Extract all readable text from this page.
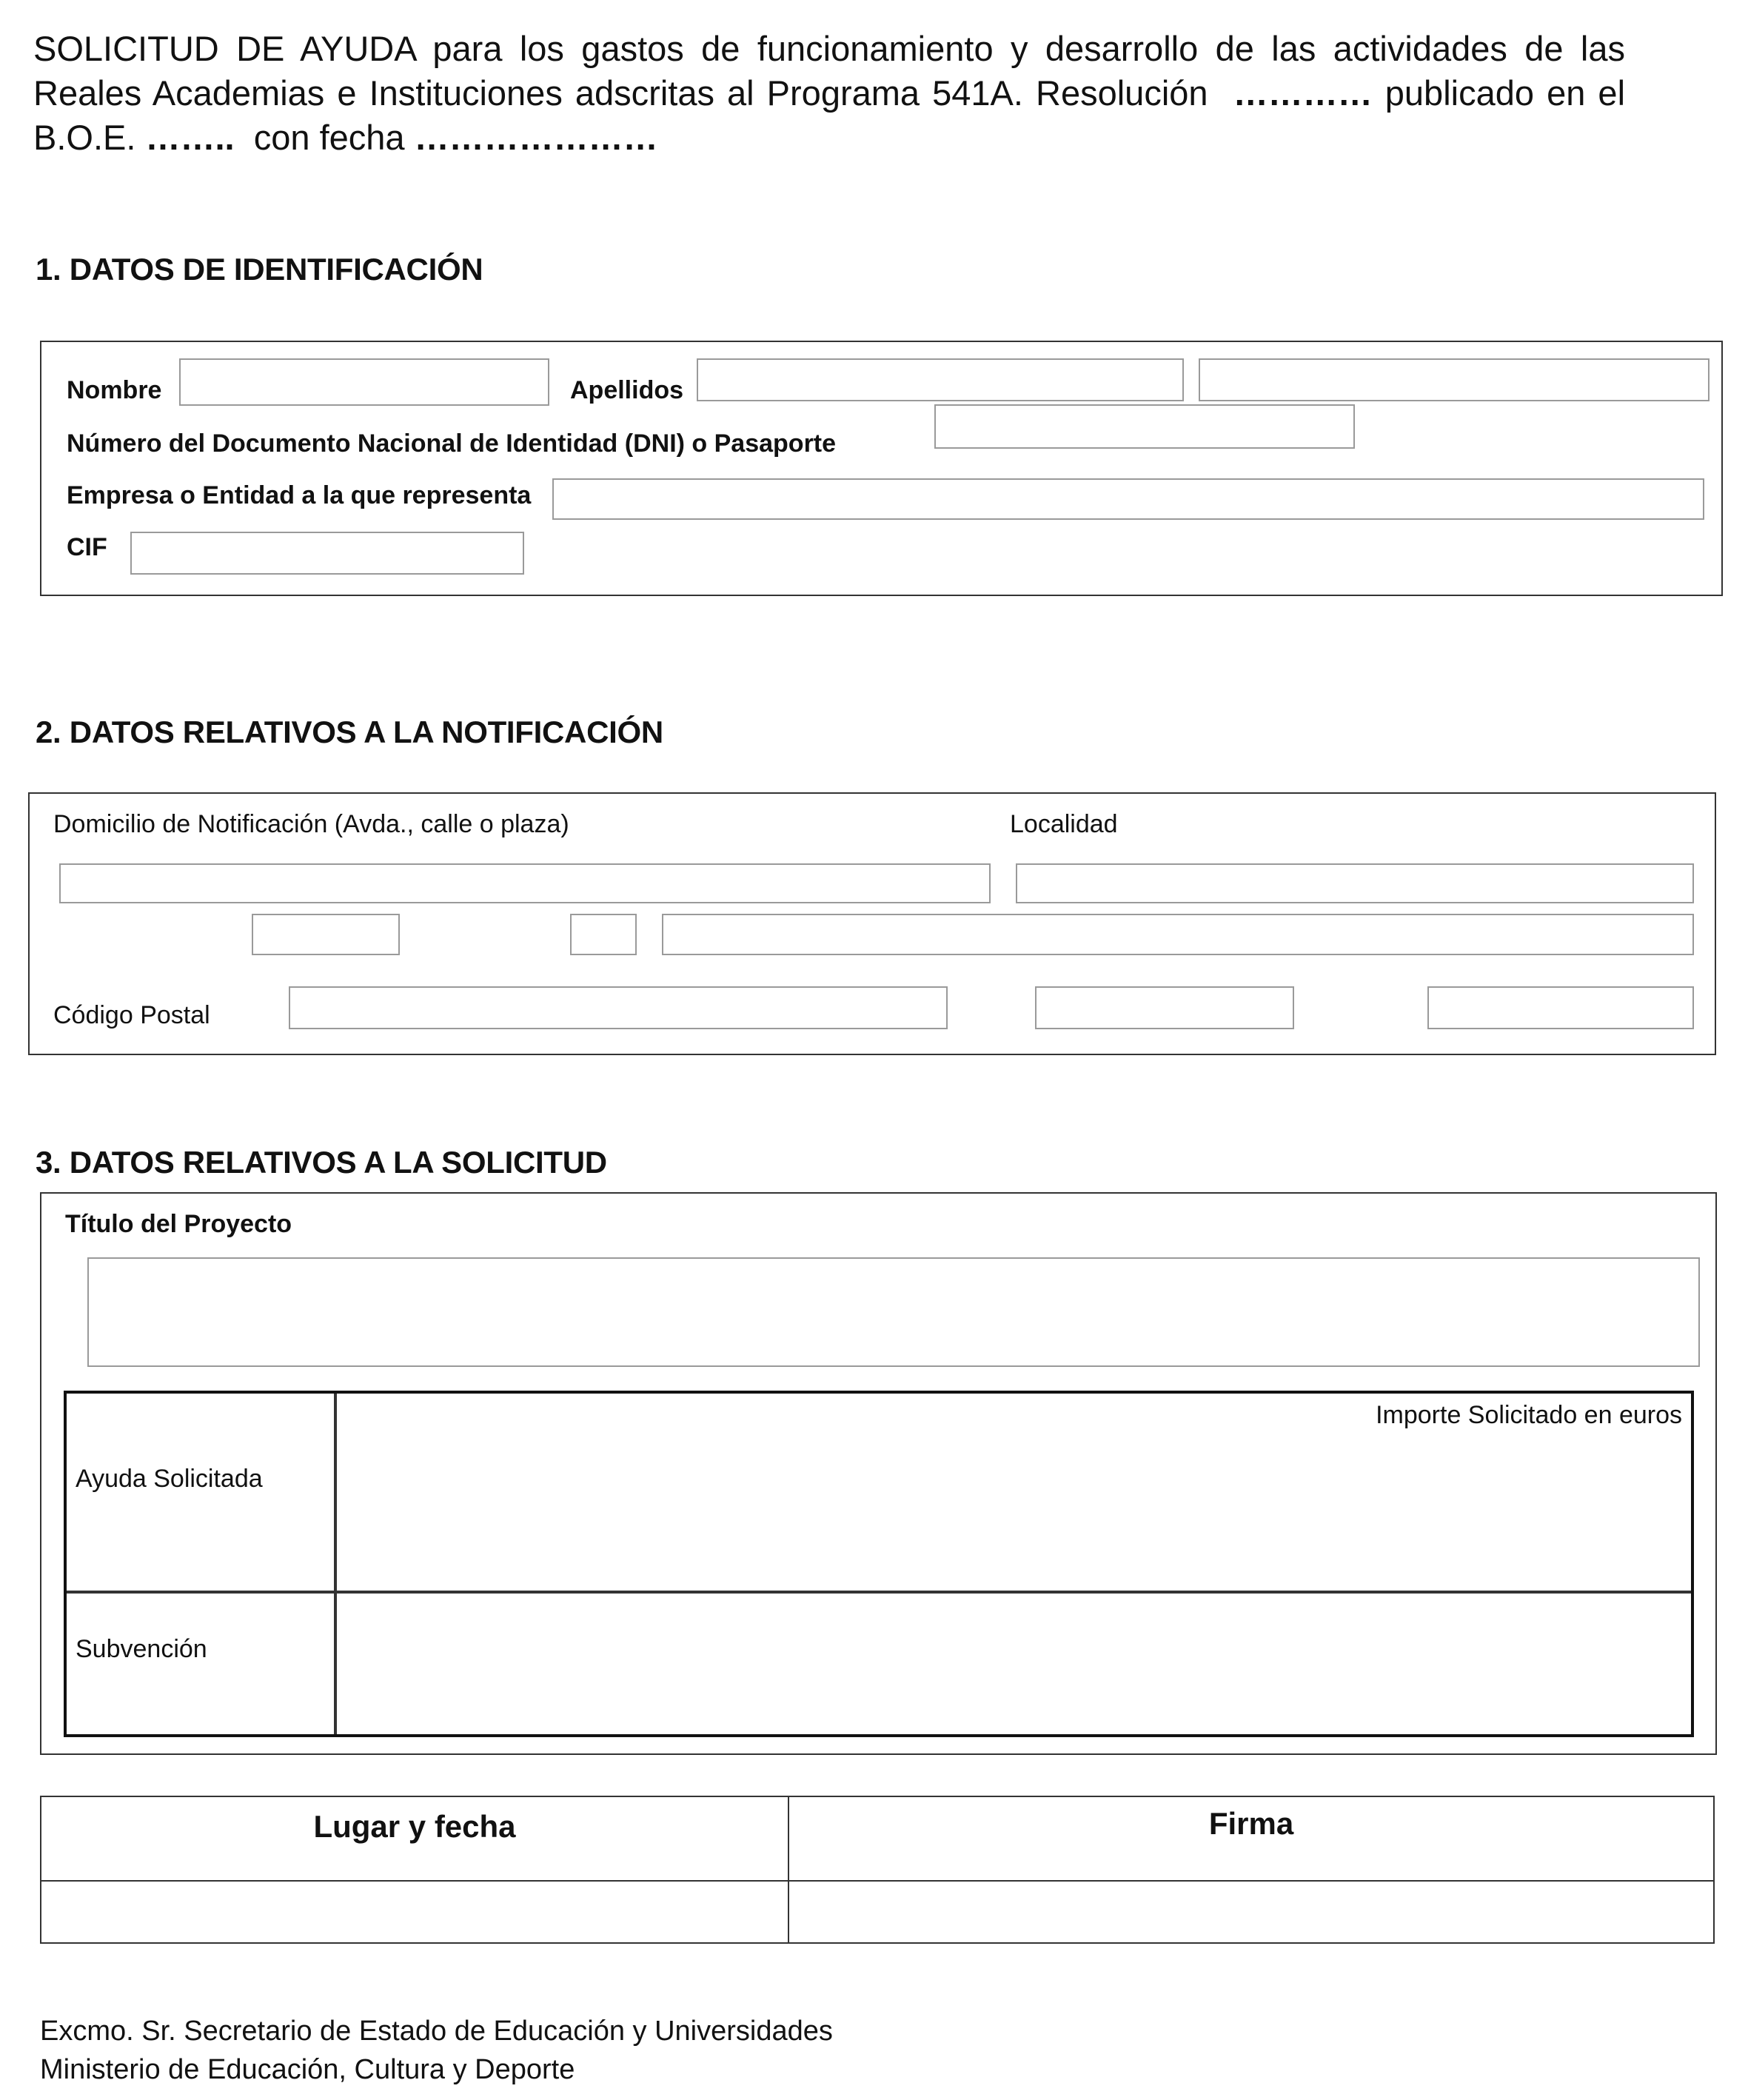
SOLICITUD DE AYUDA para los gastos de funcionamiento y desarrollo de las actividades de las Reales Academias e Instituciones adscritas al Programa 541A. Resolución ………… publicado en el B.O.E. …….. con fecha …………………
1. DATOS DE IDENTIFICACIÓN
Nombre	Apellidos
Número del Documento Nacional de Identidad (DNI) o Pasaporte
Empresa o Entidad a la que representa
CIF
2. DATOS RELATIVOS A LA NOTIFICACIÓN
Domicilio de Notificación (Avda., calle o plaza)	Localidad
Código Postal
3. DATOS RELATIVOS A LA SOLICITUD
Título del Proyecto
Importe Solicitado en euros
Ayuda Solicitada
Subvención
Lugar y fecha	Firma
Excmo. Sr. Secretario de Estado de Educación y Universidades
Ministerio de Educación, Cultura y Deporte
